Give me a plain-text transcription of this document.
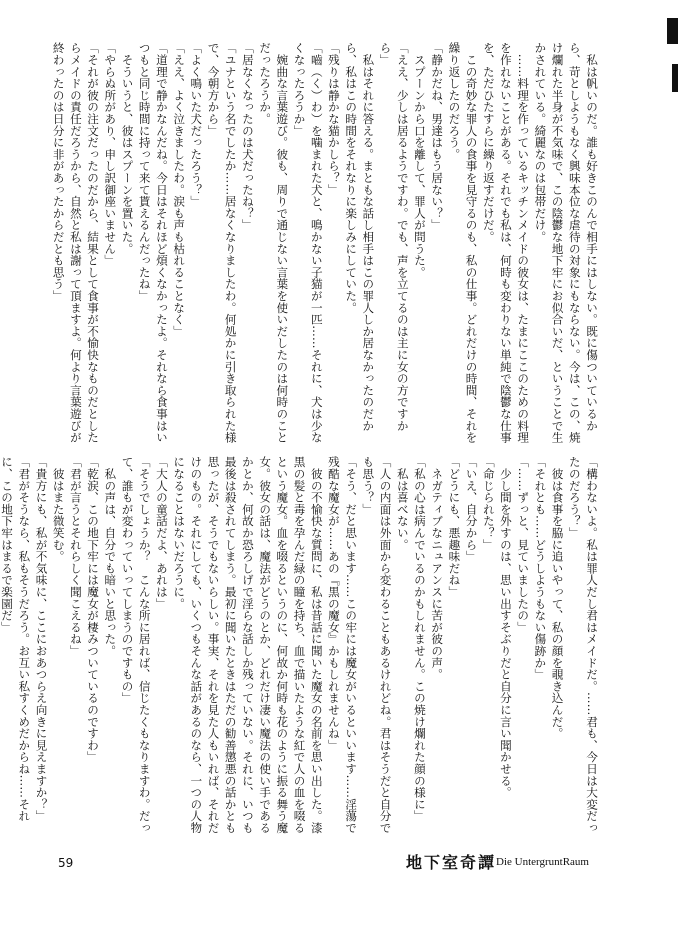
　私は帆いのだ。誰も好きこのんで相手にはしない。既に傷ついているから、苛としようもなく興味本位な虐待の対象にもならない。今は、この、焼け爛れた半身が不気味で、この陰鬱な地下牢にお似合いだ、ということで生かされている。綺麗なのは包帯だけ。

　……料理を作っているキッチンメイドの彼女は、たまにここのための料理を作れないことがある。それでも私は、何時も変わりない単純で陰鬱な仕事を、ただひたすらに繰り返すだけだ。

　この奇妙な罪人の食事を見守るのも、私の仕事。どれだけの時間、それを繰り返したのだろう。

「静かだね、男達はもう居ない？」

　スプーンから口を離して、罪人が問うた。

「ええ、少しは居るようですわ。でも、声を立てるのは主に女の方ですから」

　私はそれに答える。まともな話し相手はこの罪人しか居なかったのだから、私はこの時間をそれなりに楽しみにしていた。

「残りは静かな猫かしら？」

「嚙（く）わ）を噛まれた犬と、鳴かない子猫が一匹……それに、犬は少なくなったろうか」

　婉曲な言葉遊び。彼も、周りで通じない言葉を使いだしたのは何時のことだったろうか。

「居なくなったのは犬だったね？」

「ユナという名でしたか……居なくなりましたわ。何処かに引き取られた様で、今朝方から」

「よく鳴いた犬だったろう？」

「ええ、よく泣きましたわ。涙も声も枯れることなく」

「道理で静かなんだね。今日はそれほど煩くなかったよ。それなら食事はいつもと同じ時間に持って来て貰えるんだったね」

　そういうと、彼はスプーンを置いた。

「やらぬ所があり、申し訳御座いません」

「それが彼の注文だったのだから、結果として食事が不愉快なものだとしたらメイドの責任だろうから、自然と私は謝って頂ますよ。何より言葉遊びが終わったのは日分に非があったからだとも思う」

「構わないよ。私は罪人だし君はメイドだ。……君も、今日は大変だったのだろう？」

　彼は食事を脇に追いやって、私の顔を覗き込んだ。

「それとも……どうしようもない傷跡か」

「……ずっと、見ていましたの」

　少し間を外すのは、思い出すそぶりだと自分に言い聞かせる。

「命じられた？」

「いえ、自分から」

「どうにも、悪趣味だね」

　ネガティブなニュアンスに苦が彼の声。

「私の心は病んでいるのかもしれません。この焼け爛れた顔の様に」

　私は喜べない。

「人の内面は外面から変わることもあるけれどね。君はそうだと自分でも思う？」

「そう、だと思います……この牢には魔女がいるといいます……淫蕩で残酷な魔女が……あの『黒の魔女』かもしれませんね」

　彼の不愉快な質問に、私は昔話に聞いた魔女の名前を思い出した。漆黒の髪と毒を孕んだ緑の瞳を持ち、血で描いたような紅で人の血を啜るという魔女。血を啜るというのに、何故か何時も花のように振る舞う魔女。彼女の話は、魔法がどうのとか、どれだけ凄い魔法の使い手であるかとか、何故か恐ろしげで淫らな話しか残っていない。それに、いつも最後は殺されてしまう。最初に聞いたときはただの勧善懲悪の話かとも思ったが、そうでもないらしい。事実、それを見た人もいれば、それだけのもの。それにしても、いくつもそんな話があるのなら、一つの人物になることはないだろうに。

「大人の童話だよ、あれは」

「そうでしょうか？　こんな所に居れば、信じたくもなりますわ。だって、誰もが変わっていってしまうのですもの」

　私の声は、自分でも暗いと思った。

「乾涙、この地下牢には魔女が棲みついているのですわ」

「君が言うとそれらしく聞こえるね」

　彼はまた微笑む。

「貴方にも、私が不気味に、ここにおあつらえ向きに見えますか？」

「君がそうなら、私もそうだろう。お互い私すくめだからね……それに、この地下牢はまるで楽園だ」

59	地下室奇譚 Die UntergruntRaum
